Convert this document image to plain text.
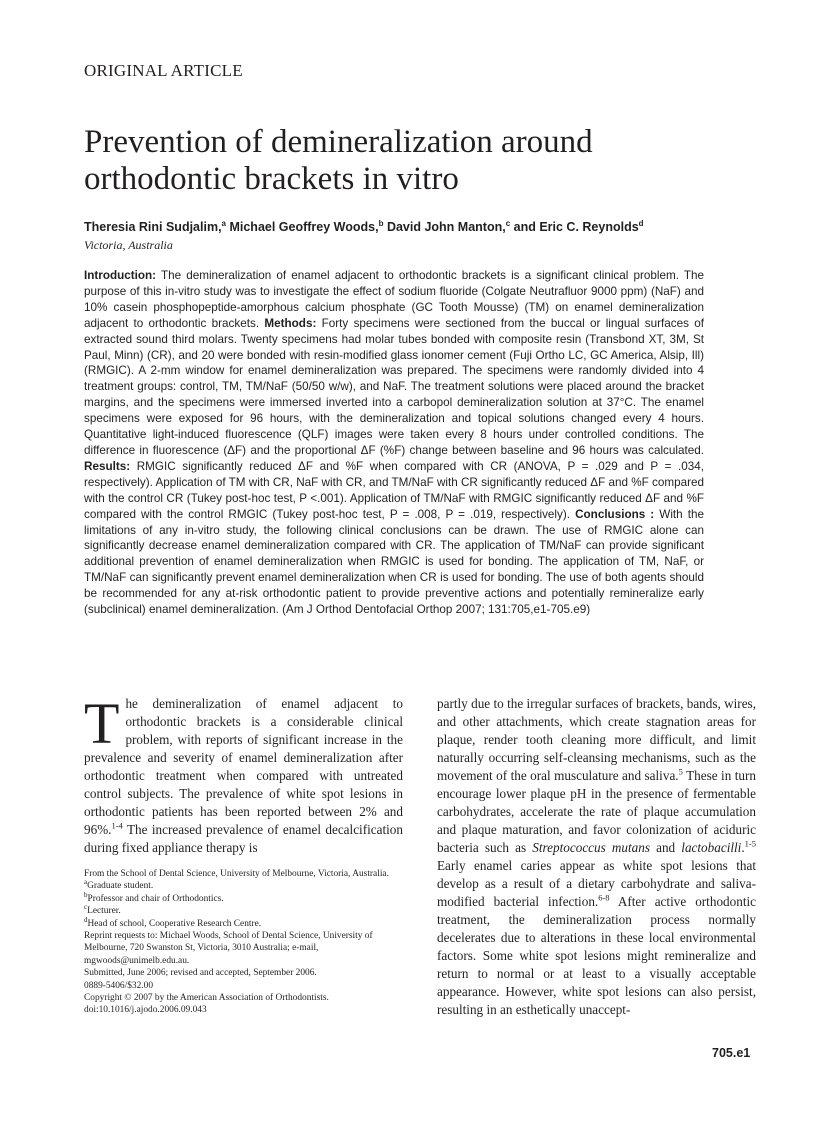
ORIGINAL ARTICLE
Prevention of demineralization around orthodontic brackets in vitro
Theresia Rini Sudjalim,$^a$ Michael Geoffrey Woods,$^b$ David John Manton,$^c$ and Eric C. Reynolds$^d$
Victoria, Australia

Introduction: The demineralization of enamel adjacent to orthodontic brackets is a significant clinical problem. The purpose of this in-vitro study was to investigate the effect of sodium fluoride (Colgate Neutrafluor 9000 ppm) (NaF) and 10% casein phosphopeptide-amorphous calcium phosphate (GC Tooth Mousse) (TM) on enamel demineralization adjacent to orthodontic brackets. Methods: Forty specimens were sectioned from the buccal or lingual surfaces of extracted sound third molars. Twenty specimens had molar tubes bonded with composite resin (Transbond XT, 3M, St Paul, Minn) (CR), and 20 were bonded with resin-modified glass ionomer cement (Fuji Ortho LC, GC America, Alsip, Ill) (RMGIC). A 2-mm window for enamel demineralization was prepared. The specimens were randomly divided into 4 treatment groups: control, TM, TM/NaF (50/50 w/w), and NaF. The treatment solutions were placed around the bracket margins, and the specimens were immersed inverted into a carbopol demineralization solution at 37°C. The enamel specimens were exposed for 96 hours, with the demineralization and topical solutions changed every 4 hours. Quantitative light-induced fluorescence (QLF) images were taken every 8 hours under controlled conditions. The difference in fluorescence (ΔF) and the proportional ΔF (%F) change between baseline and 96 hours was calculated. Results: RMGIC significantly reduced ΔF and %F when compared with CR (ANOVA, P = .029 and P = .034, respectively). Application of TM with CR, NaF with CR, and TM/NaF with CR significantly reduced ΔF and %F compared with the control CR (Tukey post-hoc test, P <.001). Application of TM/NaF with RMGIC significantly reduced ΔF and %F compared with the control RMGIC (Tukey post-hoc test, P = .008, P = .019, respectively). Conclusions : With the limitations of any in-vitro study, the following clinical conclusions can be drawn. The use of RMGIC alone can significantly decrease enamel demineralization compared with CR. The application of TM/NaF can provide significant additional prevention of enamel demineralization when RMGIC is used for bonding. The application of TM, NaF, or TM/NaF can significantly prevent enamel demineralization when CR is used for bonding. The use of both agents should be recommended for any at-risk orthodontic patient to provide preventive actions and potentially remineralize early (subclinical) enamel demineralization. (Am J Orthod Dentofacial Orthop 2007; 131:705,e1-705.e9)

The demineralization of enamel adjacent to orthodontic brackets is a considerable clinical problem, with reports of significant increase in the prevalence and severity of enamel demineralization after orthodontic treatment when compared with untreated control subjects. The prevalence of white spot lesions in orthodontic patients has been reported between 2% and 96%.$^{1-4}$ The increased prevalence of enamel decalcification during fixed appliance therapy is

From the School of Dental Science, University of Melbourne, Victoria, Australia.
$^a$Graduate student.
$^b$Professor and chair of Orthodontics.
$^c$Lecturer.
$^d$Head of school, Cooperative Research Centre.
Reprint requests to: Michael Woods, School of Dental Science, University of Melbourne, 720 Swanston St, Victoria, 3010 Australia; e-mail, mgwoods@unimelb.edu.au.
Submitted, June 2006; revised and accepted, September 2006.
0889-5406/$32.00
Copyright © 2007 by the American Association of Orthodontists.
doi:10.1016/j.ajodo.2006.09.043

partly due to the irregular surfaces of brackets, bands, wires, and other attachments, which create stagnation areas for plaque, render tooth cleaning more difficult, and limit naturally occurring self-cleansing mechanisms, such as the movement of the oral musculature and saliva.$^5$ These in turn encourage lower plaque pH in the presence of fermentable carbohydrates, accelerate the rate of plaque accumulation and plaque maturation, and favor colonization of aciduric bacteria such as Streptococcus mutans and lactobacilli.$^{1-5}$ Early enamel caries appear as white spot lesions that develop as a result of a dietary carbohydrate and saliva-modified bacterial infection.$^{6-8}$ After active orthodontic treatment, the demineralization process normally decelerates due to alterations in these local environmental factors. Some white spot lesions might remineralize and return to normal or at least to a visually acceptable appearance. However, white spot lesions can also persist, resulting in an esthetically unaccept-

705.e1
